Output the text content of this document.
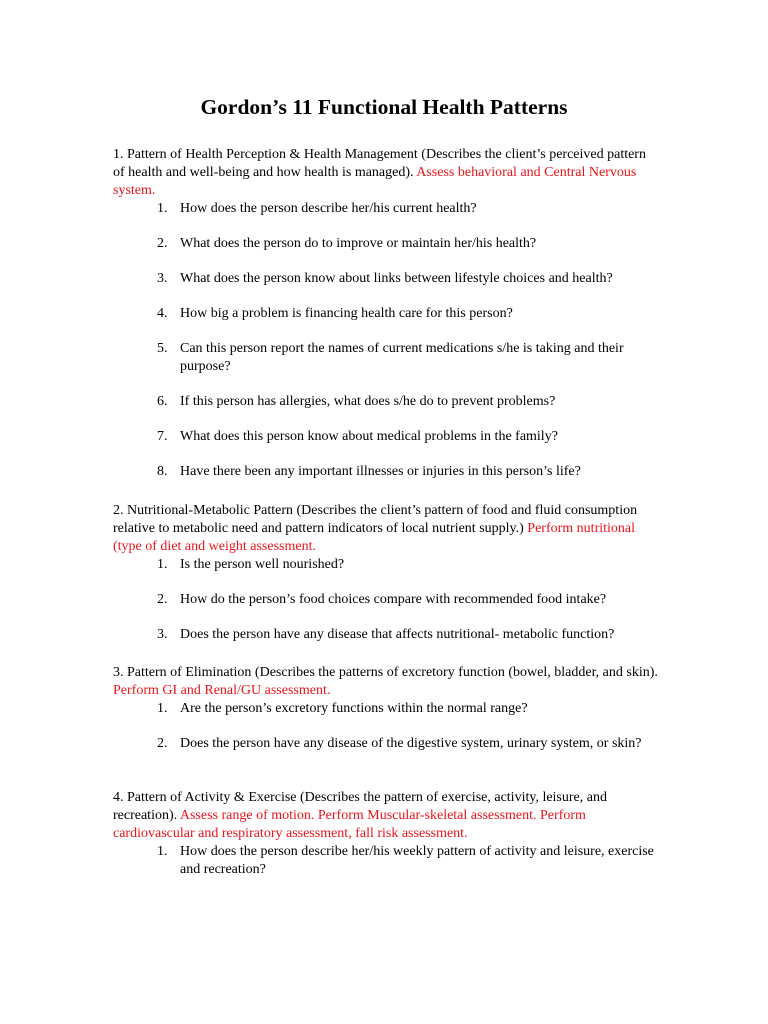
Gordon’s 11 Functional Health Patterns

1. Pattern of Health Perception & Health Management (Describes the client’s perceived pattern of health and well-being and how health is managed). Assess behavioral and Central Nervous system.

1. How does the person describe her/his current health?
2. What does the person do to improve or maintain her/his health?
3. What does the person know about links between lifestyle choices and health?
4. How big a problem is financing health care for this person?
5. Can this person report the names of current medications s/he is taking and their purpose?
6. If this person has allergies, what does s/he do to prevent problems?
7. What does this person know about medical problems in the family?
8. Have there been any important illnesses or injuries in this person’s life?

2. Nutritional-Metabolic Pattern (Describes the client’s pattern of food and fluid consumption relative to metabolic need and pattern indicators of local nutrient supply.) Perform nutritional (type of diet and weight assessment.

1. Is the person well nourished?
2. How do the person’s food choices compare with recommended food intake?
3. Does the person have any disease that affects nutritional- metabolic function?

3. Pattern of Elimination (Describes the patterns of excretory function (bowel, bladder, and skin). Perform GI and Renal/GU assessment.

1. Are the person’s excretory functions within the normal range?
2. Does the person have any disease of the digestive system, urinary system, or skin?

4. Pattern of Activity & Exercise (Describes the pattern of exercise, activity, leisure, and recreation). Assess range of motion. Perform Muscular-skeletal assessment. Perform cardiovascular and respiratory assessment, fall risk assessment.

1. How does the person describe her/his weekly pattern of activity and leisure, exercise and recreation?
